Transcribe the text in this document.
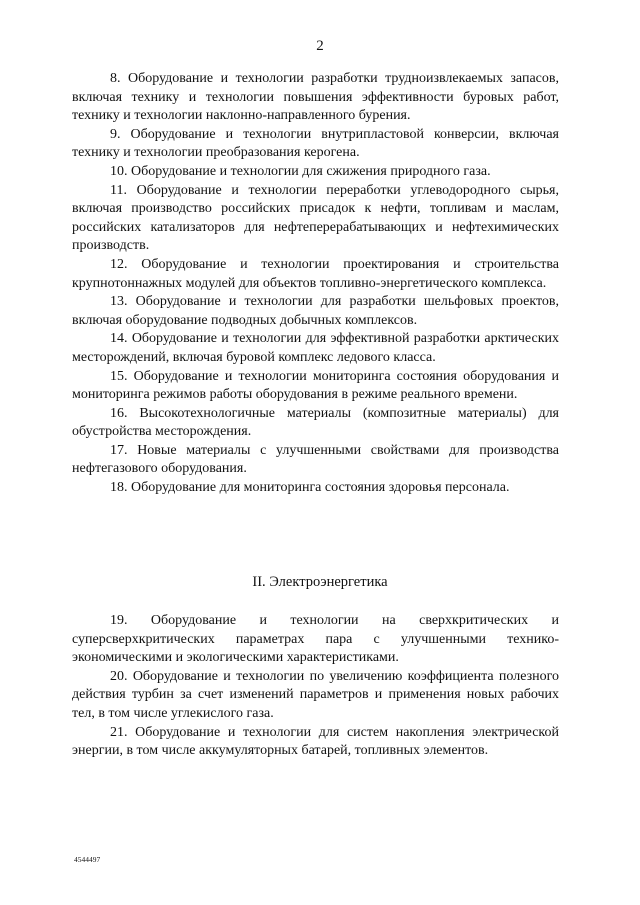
2

8. Оборудование и технологии разработки трудноизвлекаемых запасов, включая технику и технологии повышения эффективности буровых работ, технику и технологии наклонно-направленного бурения.

9. Оборудование и технологии внутрипластовой конверсии, включая технику и технологии преобразования керогена.

10. Оборудование и технологии для сжижения природного газа.

11. Оборудование и технологии переработки углеводородного сырья, включая производство российских присадок к нефти, топливам и маслам, российских катализаторов для нефтеперерабатывающих и нефтехимических производств.

12. Оборудование и технологии проектирования и строительства крупнотоннажных модулей для объектов топливно-энергетического комплекса.

13. Оборудование и технологии для разработки шельфовых проектов, включая оборудование подводных добычных комплексов.

14. Оборудование и технологии для эффективной разработки арктических месторождений, включая буровой комплекс ледового класса.

15. Оборудование и технологии мониторинга состояния оборудования и мониторинга режимов работы оборудования в режиме реального времени.

16. Высокотехнологичные материалы (композитные материалы) для обустройства месторождения.

17. Новые материалы с улучшенными свойствами для производства нефтегазового оборудования.

18. Оборудование для мониторинга состояния здоровья персонала.

II. Электроэнергетика

19. Оборудование и технологии на сверхкритических и суперсверхкритических параметрах пара с улучшенными технико-экономическими и экологическими характеристиками.

20. Оборудование и технологии по увеличению коэффициента полезного действия турбин за счет изменений параметров и применения новых рабочих тел, в том числе углекислого газа.

21. Оборудование и технологии для систем накопления электрической энергии, в том числе аккумуляторных батарей, топливных элементов.

4544497
